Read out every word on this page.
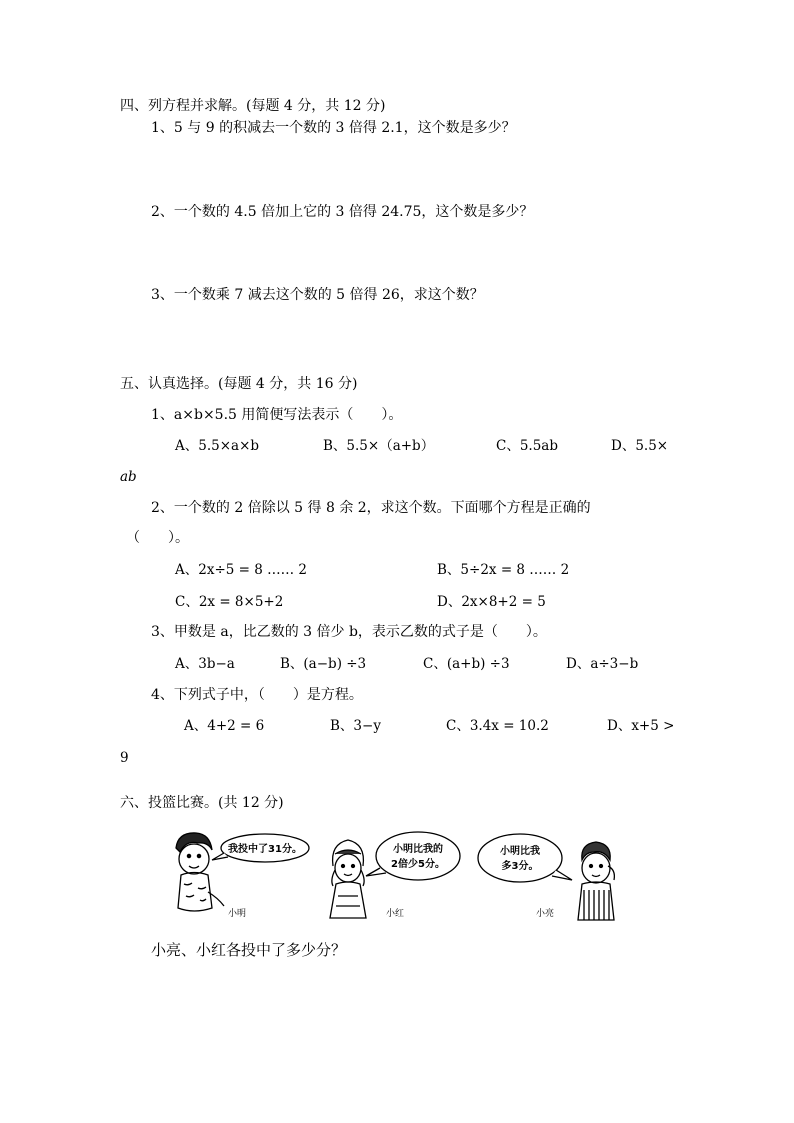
四、列方程并求解。(每题 4 分，共 12 分)
1、5 与 9 的积减去一个数的 3 倍得 2.1，这个数是多少？
2、一个数的 4.5 倍加上它的 3 倍得 24.75，这个数是多少？
3、一个数乘 7 减去这个数的 5 倍得 26，求这个数？
五、认真选择。(每题 4 分，共 16 分)
1、a×b×5.5 用简便写法表示（　　）。
A、5.5×a×b	B、5.5×（a+b）	C、5.5ab	D、5.5×
ab
2、一个数的 2 倍除以 5 得 8 余 2，求这个数。下面哪个方程是正确的
（　　）。
A、2x÷5 = 8 …… 2	B、5÷2x = 8 …… 2
C、2x = 8×5+2	D、2x×8+2 = 5
3、甲数是 a，比乙数的 3 倍少 b，表示乙数的式子是（　　）。
A、3b−a	B、(a−b) ÷3	C、(a+b) ÷3	D、a÷3−b
4、下列式子中，（　　）是方程。
A、4+2 = 6	B、3−y	C、3.4x = 10.2	D、x+5 >
9
六、投篮比赛。(共 12 分)
我投中了31分。
小明
小明比我的
2倍少5分。
小红
小明比我
多3分。
小亮
小亮、小红各投中了多少分？
